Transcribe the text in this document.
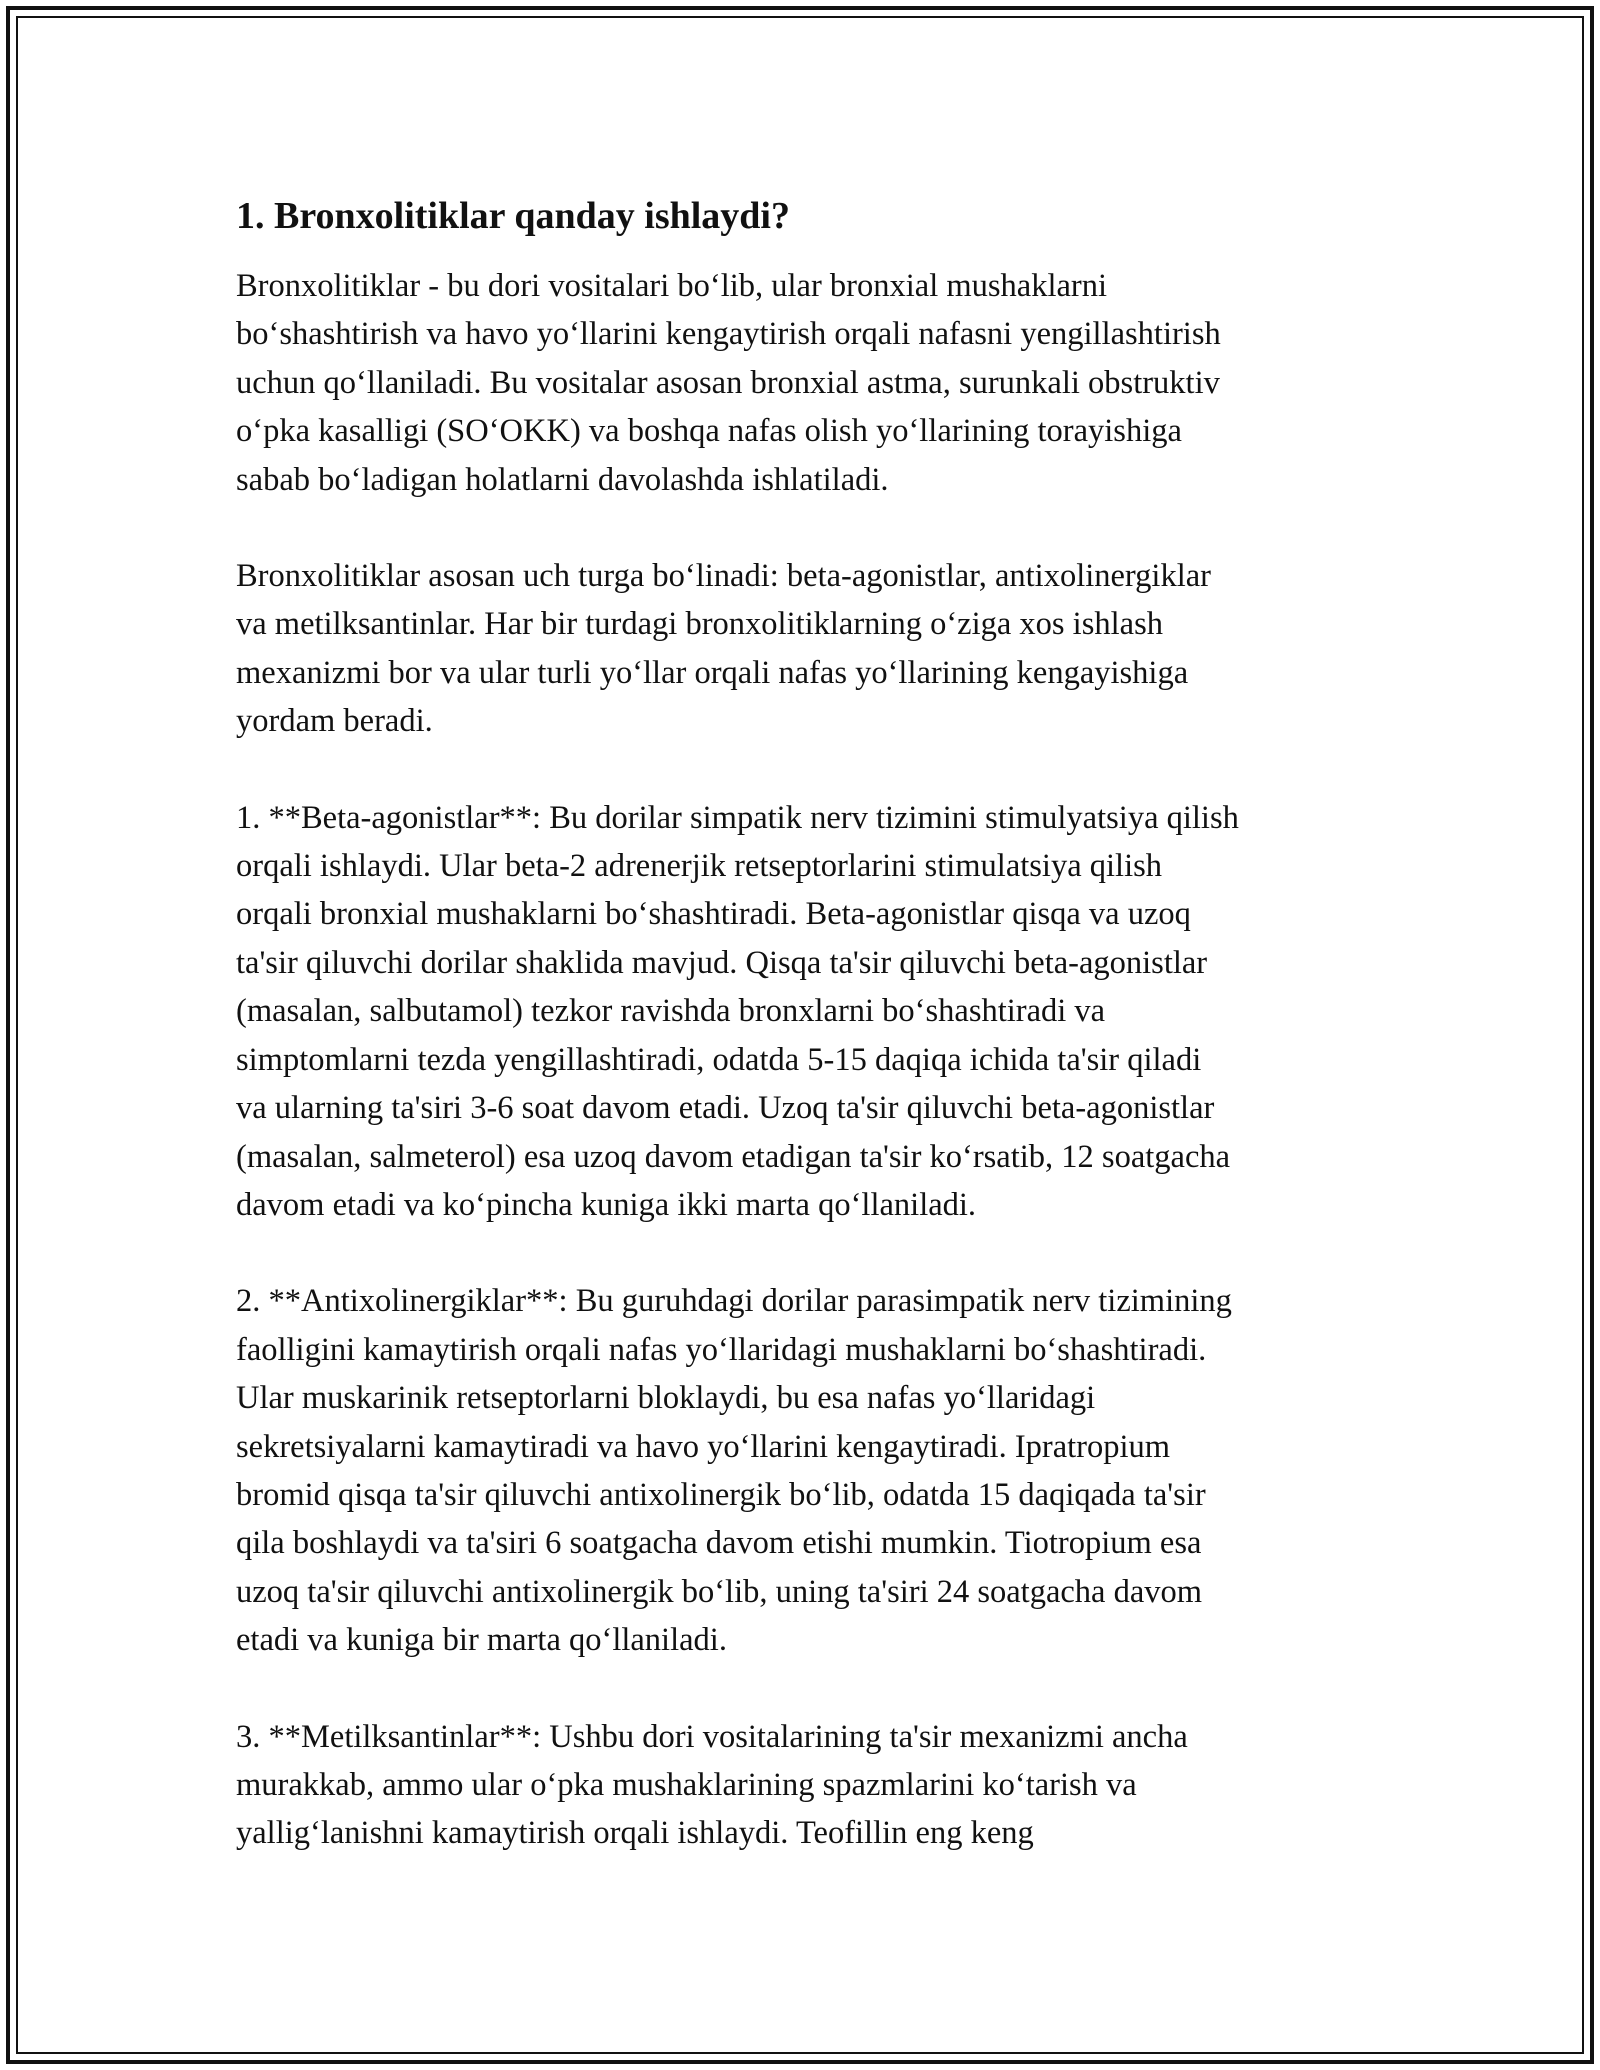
1. Bronxolitiklar qanday ishlaydi?

Bronxolitiklar - bu dori vositalari bo‘lib, ular bronxial mushaklarni
bo‘shashtirish va havo yo‘llarini kengaytirish orqali nafasni yengillashtirish
uchun qo‘llaniladi. Bu vositalar asosan bronxial astma, surunkali obstruktiv
o‘pka kasalligi (SO‘OKK) va boshqa nafas olish yo‘llarining torayishiga
sabab bo‘ladigan holatlarni davolashda ishlatiladi.

Bronxolitiklar asosan uch turga bo‘linadi: beta-agonistlar, antixolinergiklar
va metilksantinlar. Har bir turdagi bronxolitiklarning o‘ziga xos ishlash
mexanizmi bor va ular turli yo‘llar orqali nafas yo‘llarining kengayishiga
yordam beradi.

1. **Beta-agonistlar**: Bu dorilar simpatik nerv tizimini stimulyatsiya qilish
orqali ishlaydi. Ular beta-2 adrenerjik retseptorlarini stimulatsiya qilish
orqali bronxial mushaklarni bo‘shashtiradi. Beta-agonistlar qisqa va uzoq
ta'sir qiluvchi dorilar shaklida mavjud. Qisqa ta'sir qiluvchi beta-agonistlar
(masalan, salbutamol) tezkor ravishda bronxlarni bo‘shashtiradi va
simptomlarni tezda yengillashtiradi, odatda 5-15 daqiqa ichida ta'sir qiladi
va ularning ta'siri 3-6 soat davom etadi. Uzoq ta'sir qiluvchi beta-agonistlar
(masalan, salmeterol) esa uzoq davom etadigan ta'sir ko‘rsatib, 12 soatgacha
davom etadi va ko‘pincha kuniga ikki marta qo‘llaniladi.

2. **Antixolinergiklar**: Bu guruhdagi dorilar parasimpatik nerv tizimining
faolligini kamaytirish orqali nafas yo‘llaridagi mushaklarni bo‘shashtiradi.
Ular muskarinik retseptorlarni bloklaydi, bu esa nafas yo‘llaridagi
sekretsiyalarni kamaytiradi va havo yo‘llarini kengaytiradi. Ipratropium
bromid qisqa ta'sir qiluvchi antixolinergik bo‘lib, odatda 15 daqiqada ta'sir
qila boshlaydi va ta'siri 6 soatgacha davom etishi mumkin. Tiotropium esa
uzoq ta'sir qiluvchi antixolinergik bo‘lib, uning ta'siri 24 soatgacha davom
etadi va kuniga bir marta qo‘llaniladi.

3. **Metilksantinlar**: Ushbu dori vositalarining ta'sir mexanizmi ancha
murakkab, ammo ular o‘pka mushaklarining spazmlarini ko‘tarish va
yallig‘lanishni kamaytirish orqali ishlaydi. Teofillin eng keng
